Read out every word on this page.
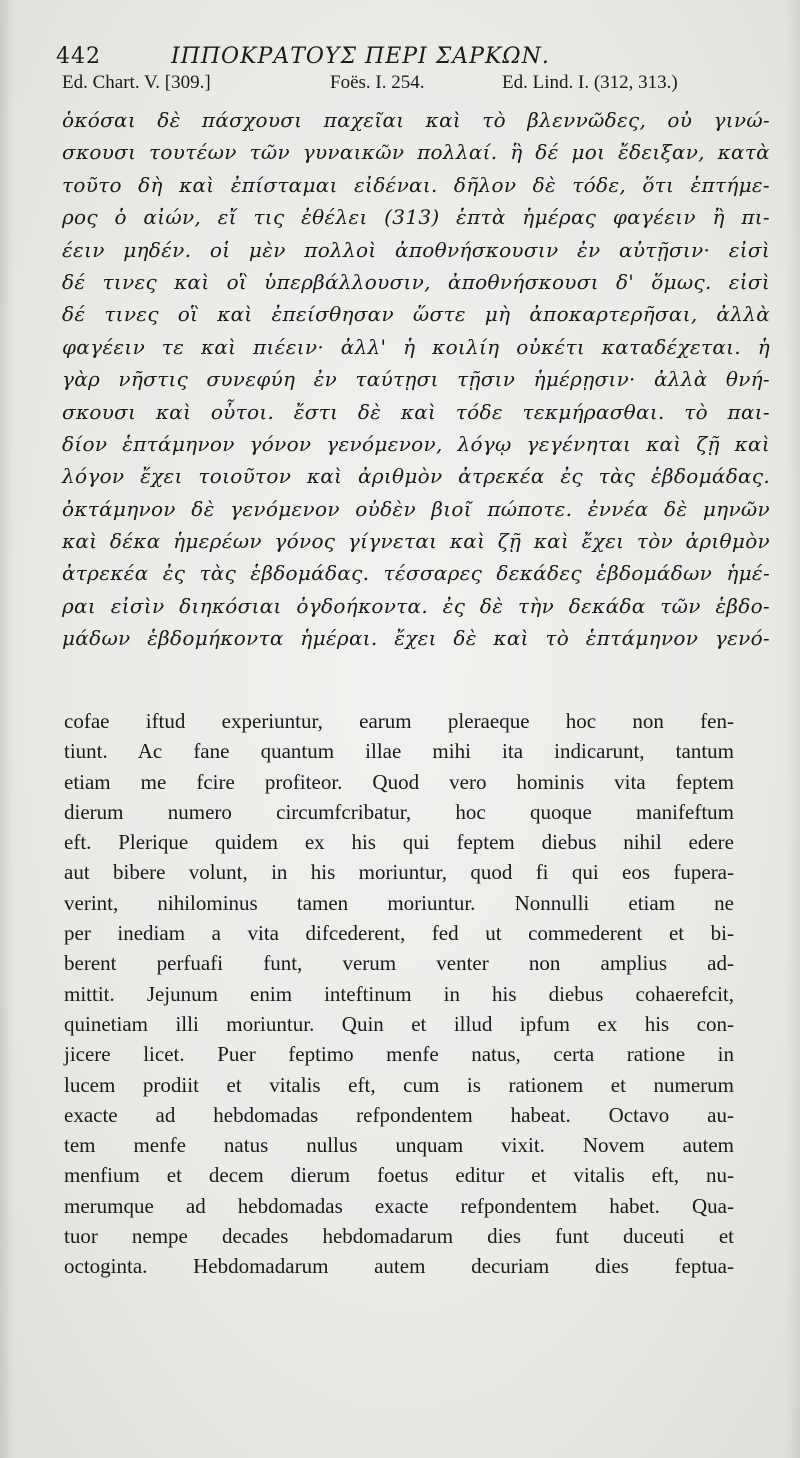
442	ΙΠΠΟΚΡΑΤΟΥΣ ΠΕΡΙ ΣΑΡΚΩΝ.
Ed. Chart. V. [309.]	Foës. I. 254.	Ed. Lind. I. (312, 313.)
ὁκόσαι δὲ πάσχουσι παχεῖαι καὶ τὸ βλεννῶδες, οὐ γινώ-
σκουσι τουτέων τῶν γυναικῶν πολλαί. ἣ δέ μοι ἔδειξαν, κατὰ
τοῦτο δὴ καὶ ἐπίσταμαι εἰδέναι. δῆλον δὲ τόδε, ὅτι ἑπτήμε-
ρος ὁ αἰών, εἴ τις ἐθέλει (313) ἑπτὰ ἡμέρας φαγέειν ἢ πι-
έειν μηδέν. οἱ μὲν πολλοὶ ἀποθνήσκουσιν ἐν αὐτῇσιν· εἰσὶ
δέ τινες καὶ οἳ ὑπερβάλλουσιν, ἀποθνήσκουσι δ' ὅμως. εἰσὶ
δέ τινες οἳ καὶ ἐπείσθησαν ὥστε μὴ ἀποκαρτερῆσαι, ἀλλὰ
φαγέειν τε καὶ πιέειν· ἀλλ' ἡ κοιλίη οὐκέτι καταδέχεται. ἡ
γὰρ νῆστις συνεφύη ἐν ταύτῃσι τῇσιν ἡμέρῃσιν· ἀλλὰ θνή-
σκουσι καὶ οὗτοι. ἔστι δὲ καὶ τόδε τεκμήρασθαι. τὸ παι-
δίον ἑπτάμηνον γόνον γενόμενον, λόγῳ γεγένηται καὶ ζῇ καὶ
λόγον ἔχει τοιοῦτον καὶ ἀριθμὸν ἀτρεκέα ἐς τὰς ἑβδομάδας.
ὀκτάμηνον δὲ γενόμενον οὐδὲν βιοῖ πώποτε. ἐννέα δὲ μηνῶν
καὶ δέκα ἡμερέων γόνος γίγνεται καὶ ζῇ καὶ ἔχει τὸν ἀριθμὸν
ἀτρεκέα ἐς τὰς ἑβδομάδας. τέσσαρες δεκάδες ἑβδομάδων ἡμέ-
ραι εἰσὶν διηκόσιαι ὀγδοήκοντα. ἐς δὲ τὴν δεκάδα τῶν ἑβδο-
μάδων ἑβδομήκοντα ἡμέραι. ἔχει δὲ καὶ τὸ ἑπτάμηνον γενό-
cofae iftud experiuntur, earum pleraeque hoc non fen-
tiunt. Ac fane quantum illae mihi ita indicarunt, tantum
etiam me fcire profiteor. Quod vero hominis vita feptem
dierum numero circumfcribatur, hoc quoque manifeftum
eft. Plerique quidem ex his qui feptem diebus nihil edere
aut bibere volunt, in his moriuntur, quod fi qui eos fupera-
verint, nihilominus tamen moriuntur. Nonnulli etiam ne
per inediam a vita difcederent, fed ut commederent et bi-
berent perfuafi funt, verum venter non amplius ad-
mittit. Jejunum enim inteftinum in his diebus cohaerefcit,
quinetiam illi moriuntur. Quin et illud ipfum ex his con-
jicere licet. Puer feptimo menfe natus, certa ratione in
lucem prodiit et vitalis eft, cum is rationem et numerum
exacte ad hebdomadas refpondentem habeat. Octavo au-
tem menfe natus nullus unquam vixit. Novem autem
menfium et decem dierum foetus editur et vitalis eft, nu-
merumque ad hebdomadas exacte refpondentem habet. Qua-
tuor nempe decades hebdomadarum dies funt duceuti et
octoginta. Hebdomadarum autem decuriam dies feptua-
